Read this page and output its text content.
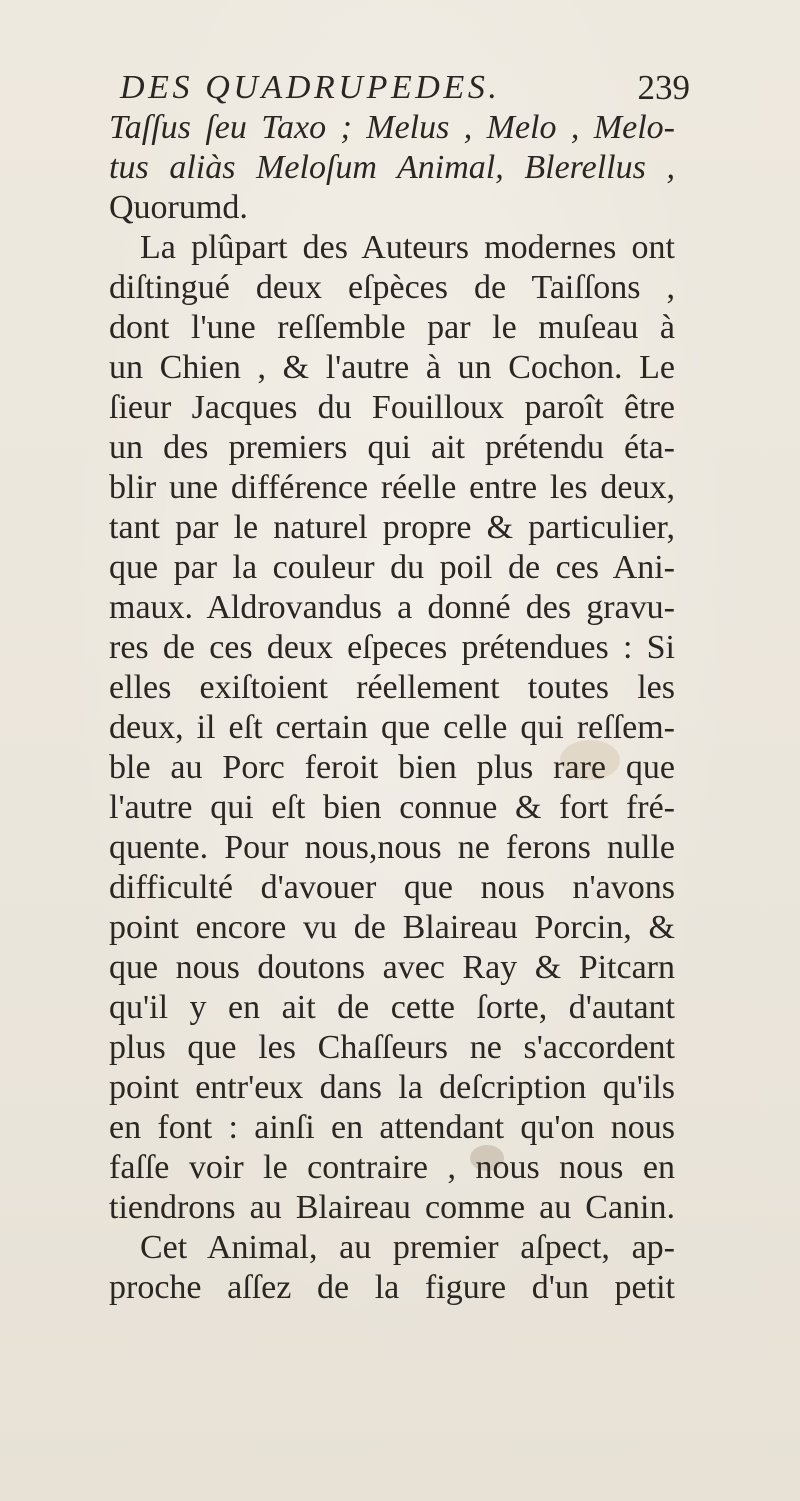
DES QUADRUPEDES.	239

Taſſus ſeu Taxo ; Melus , Melo , Melo-

tus aliàs Meloſum Animal, Blerellus ,

Quorumd.

La plûpart des Auteurs modernes ont

diſtingué deux eſpèces de Taiſſons ,

dont l'une reſſemble par le muſeau à

un Chien , & l'autre à un Cochon. Le

ſieur Jacques du Fouilloux paroît être

un des premiers qui ait prétendu éta-

blir une différence réelle entre les deux,

tant par le naturel propre & particulier,

que par la couleur du poil de ces Ani-

maux. Aldrovandus a donné des gravu-

res de ces deux eſpeces prétendues : Si

elles exiſtoient réellement toutes les

deux, il eſt certain que celle qui reſſem-

ble au Porc feroit bien plus rare que

l'autre qui eſt bien connue & fort fré-

quente. Pour nous,nous ne ferons nulle

difficulté d'avouer que nous n'avons

point encore vu de Blaireau Porcin, &

que nous doutons avec Ray & Pitcarn

qu'il y en ait de cette ſorte, d'autant

plus que les Chaſſeurs ne s'accordent

point entr'eux dans la deſcription qu'ils

en font : ainſi en attendant qu'on nous

faſſe voir le contraire , nous nous en

tiendrons au Blaireau comme au Canin.

Cet Animal, au premier aſpect, ap-

proche aſſez de la figure d'un petit
